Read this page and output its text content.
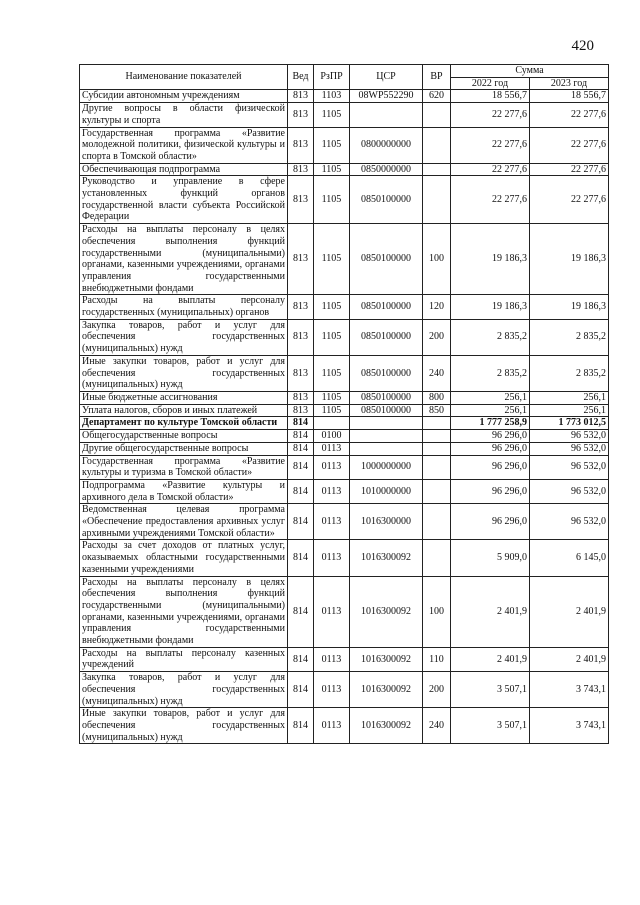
420
Наименование показателей	Вед	РзПР	ЦСР	ВР	Сумма	
					2022 год	2023 год
Субсидии автономным учреждениям	813	1103	08WP552290	620	18 556,7	18 556,7
Другие вопросы в области физической культуры и спорта	813	1105			22 277,6	22 277,6
Государственная программа «Развитие молодежной политики, физической культуры и спорта в Томской области»	813	1105	0800000000		22 277,6	22 277,6
Обеспечивающая подпрограмма	813	1105	0850000000		22 277,6	22 277,6
Руководство и управление в сфере установленных функций органов государственной власти субъекта Российской Федерации	813	1105	0850100000		22 277,6	22 277,6
Расходы на выплаты персоналу в целях обеспечения выполнения функций государственными (муниципальными) органами, казенными учреждениями, органами управления государственными внебюджетными фондами	813	1105	0850100000	100	19 186,3	19 186,3
Расходы на выплаты персоналу государственных (муниципальных) органов	813	1105	0850100000	120	19 186,3	19 186,3
Закупка товаров, работ и услуг для обеспечения государственных (муниципальных) нужд	813	1105	0850100000	200	2 835,2	2 835,2
Иные закупки товаров, работ и услуг для обеспечения государственных (муниципальных) нужд	813	1105	0850100000	240	2 835,2	2 835,2
Иные бюджетные ассигнования	813	1105	0850100000	800	256,1	256,1
Уплата налогов, сборов и иных платежей	813	1105	0850100000	850	256,1	256,1
Департамент по культуре Томской области	814				1 777 258,9	1 773 012,5
Общегосударственные вопросы	814	0100			96 296,0	96 532,0
Другие общегосударственные вопросы	814	0113			96 296,0	96 532,0
Государственная программа «Развитие культуры и туризма в Томской области»	814	0113	1000000000		96 296,0	96 532,0
Подпрограмма «Развитие культуры и архивного дела в Томской области»	814	0113	1010000000		96 296,0	96 532,0
Ведомственная целевая программа «Обеспечение предоставления архивных услуг архивными учреждениями Томской области»	814	0113	1016300000		96 296,0	96 532,0
Расходы за счет доходов от платных услуг, оказываемых областными государственными казенными учреждениями	814	0113	1016300092		5 909,0	6 145,0
Расходы на выплаты персоналу в целях обеспечения выполнения функций государственными (муниципальными) органами, казенными учреждениями, органами управления государственными внебюджетными фондами	814	0113	1016300092	100	2 401,9	2 401,9
Расходы на выплаты персоналу казенных учреждений	814	0113	1016300092	110	2 401,9	2 401,9
Закупка товаров, работ и услуг для обеспечения государственных (муниципальных) нужд	814	0113	1016300092	200	3 507,1	3 743,1
Иные закупки товаров, работ и услуг для обеспечения государственных (муниципальных) нужд	814	0113	1016300092	240	3 507,1	3 743,1
